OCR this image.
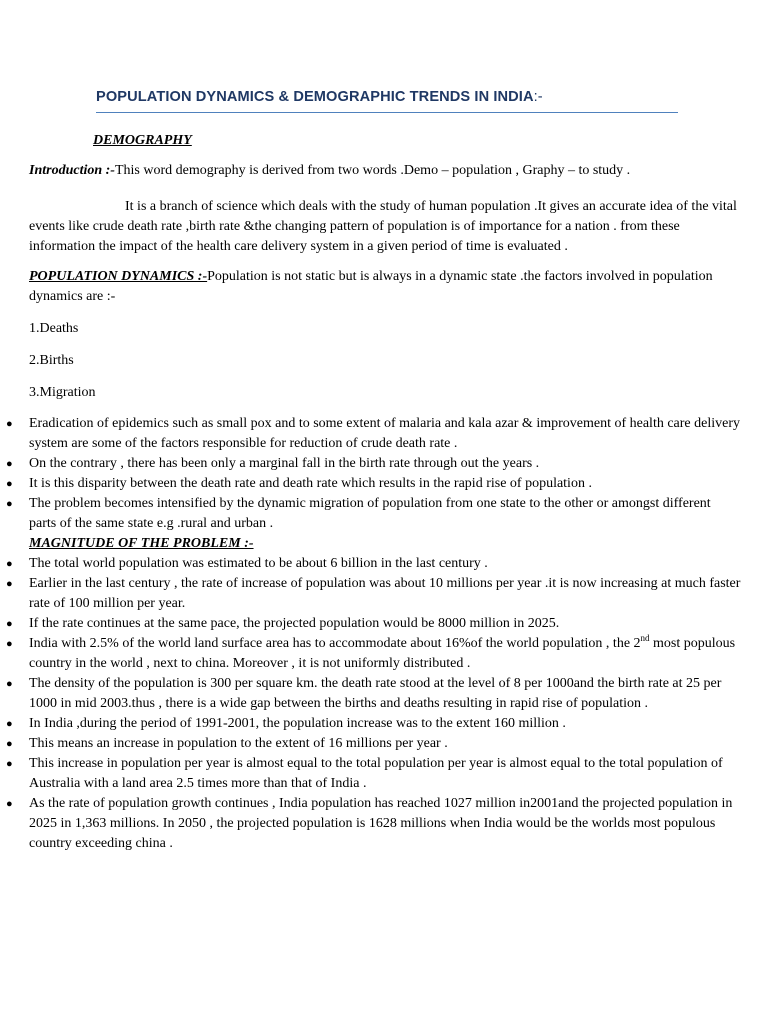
POPULATION DYNAMICS & DEMOGRAPHIC TRENDS IN INDIA:-

DEMOGRAPHY

Introduction :-This word demography is derived from two words .Demo – population , Graphy – to study .

It is a branch of science which deals with the study of human population .It gives an accurate idea of the vital events like crude death rate ,birth rate &the changing pattern of population is of importance for a nation . from these information the impact of the health care delivery system in a given period of time is evaluated .

POPULATION DYNAMICS :-Population is not static but is always in a dynamic state .the factors involved in population dynamics are :-

1.Deaths

2.Births

3.Migration

● Eradication of epidemics such as small pox and to some extent of malaria and kala azar & improvement of health care delivery system are some of the factors responsible for reduction of crude death rate .
● On the contrary , there has been only a marginal fall in the birth rate through out the years .
● It is this disparity between the death rate and death rate which results in the rapid rise of population .
● The problem becomes intensified by the dynamic migration of population from one state to the other or amongst different parts of the same state e.g .rural and urban .

MAGNITUDE OF THE PROBLEM :-

● The total world population was estimated to be about 6 billion in the last century .
● Earlier in the last century , the rate of increase of population was about 10 millions per year .it is now increasing at much faster rate of 100 million per year.
● If the rate continues at the same pace, the projected population would be 8000 million in 2025.
● India with 2.5% of the world land surface area has to accommodate about 16%of the world population , the 2nd most populous country in the world , next to china. Moreover , it is not uniformly distributed .
● The density of the population is 300 per square km. the death rate stood at the level of 8 per 1000and the birth rate at 25 per 1000 in mid 2003.thus , there is a wide gap between the births and deaths resulting in rapid rise of population .
● In India ,during the period of 1991-2001, the population increase was to the extent 160 million .
● This means an increase in population to the extent of 16 millions per year .
● This increase in population per year is almost equal to the total population per year is almost equal to the total population of Australia with a land area 2.5 times more than that of India .
● As the rate of population growth continues , India population has reached 1027 million in2001and the projected population in 2025 in 1,363 millions. In 2050 , the projected population is 1628 millions when India would be the worlds most populous country exceeding china .
